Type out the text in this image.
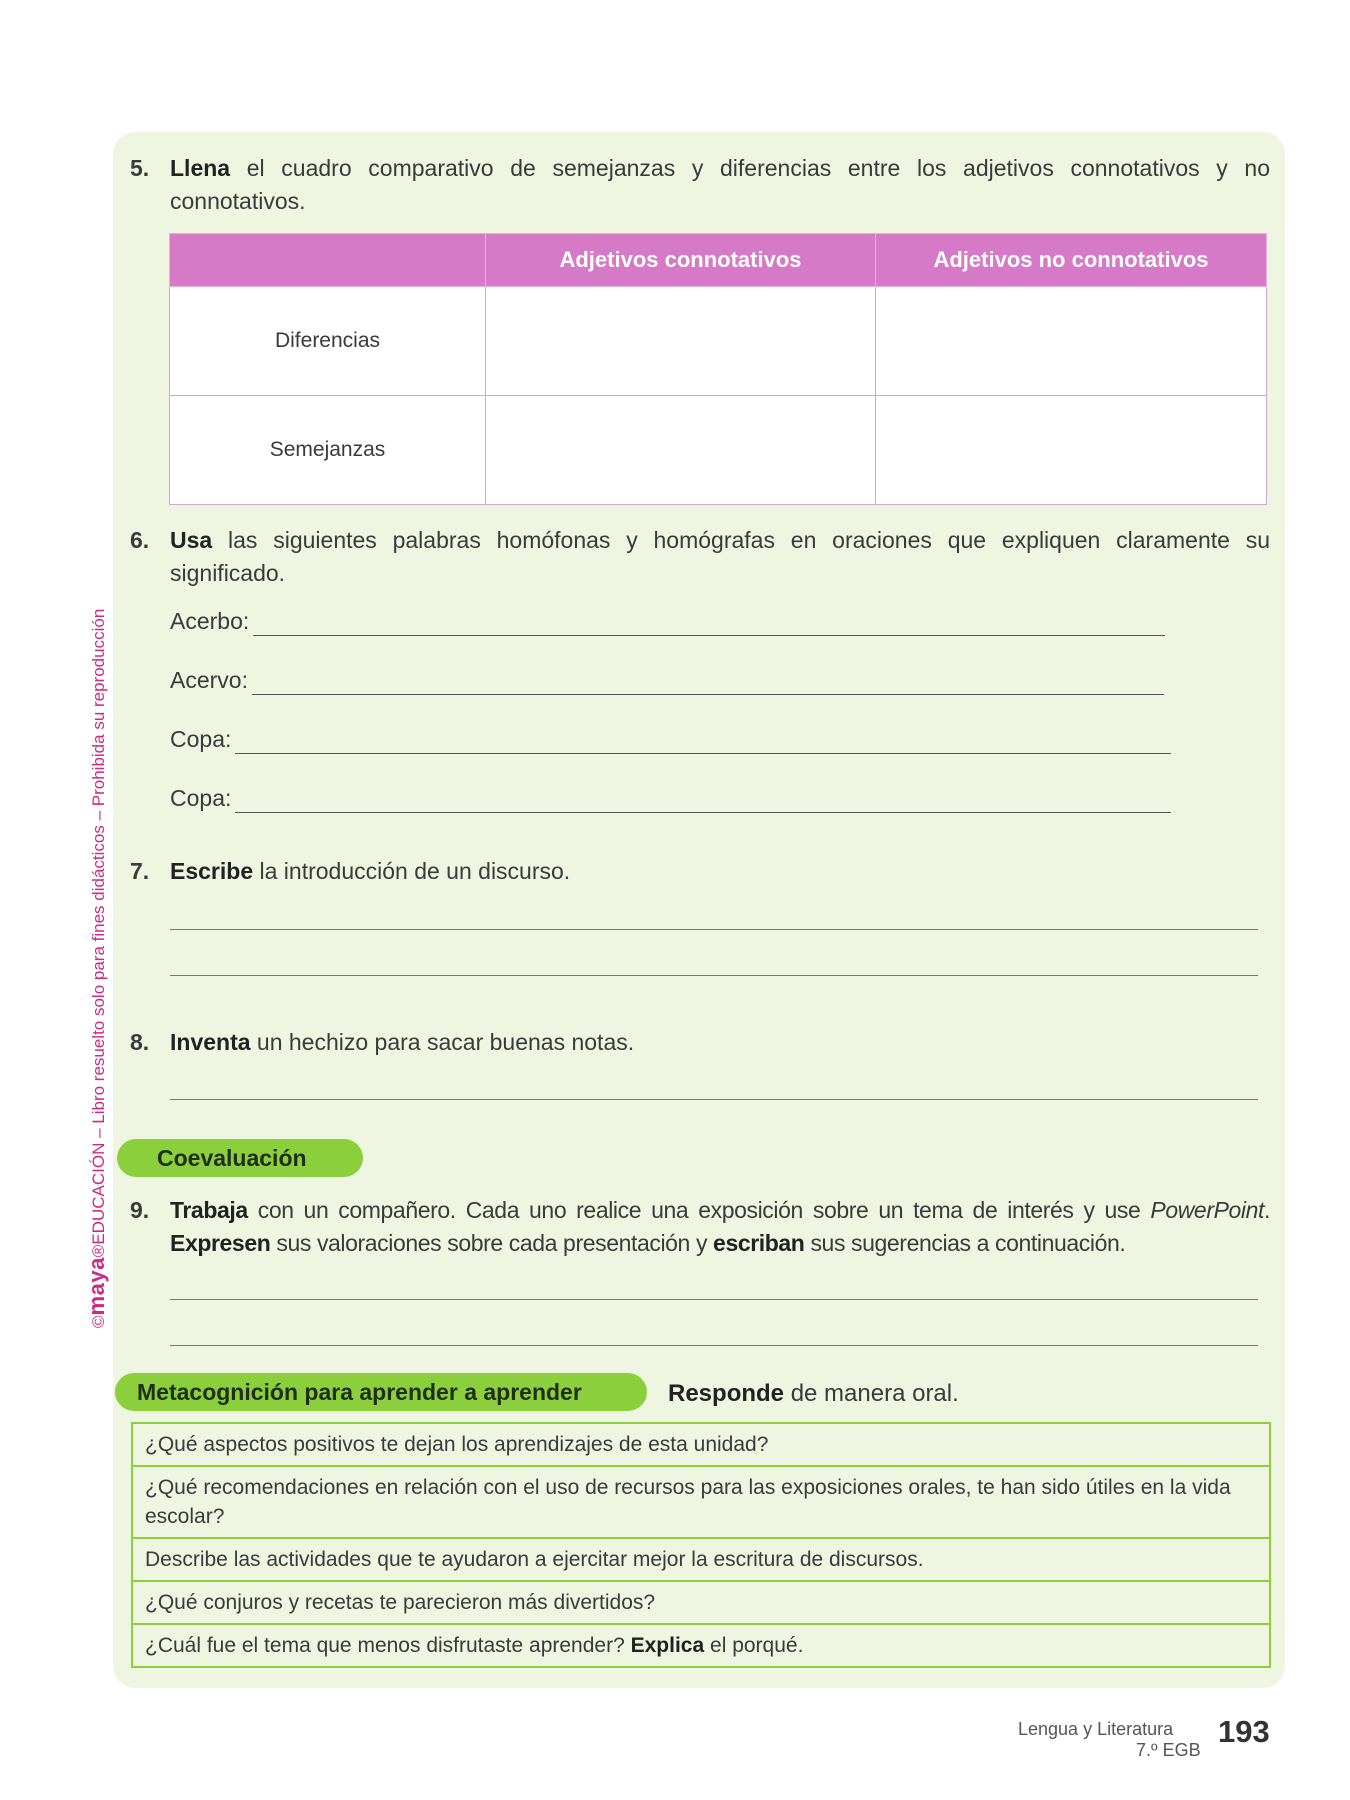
©maya®EDUCACIÓN – Libro resuelto solo para fines didácticos – Prohibida su reproducción
5. Llena el cuadro comparativo de semejanzas y diferencias entre los adjetivos connotativos y no connotativos.
	Adjetivos connotativos	Adjetivos no connotativos
Diferencias		
Semejanzas		
6. Usa las siguientes palabras homófonas y homógrafas en oraciones que expliquen claramente su significado.
Acerbo:
Acervo:
Copa:
Copa:
7. Escribe la introducción de un discurso.
8. Inventa un hechizo para sacar buenas notas.
Coevaluación
9. Trabaja con un compañero. Cada uno realice una exposición sobre un tema de interés y use PowerPoint. Expresen sus valoraciones sobre cada presentación y escriban sus sugerencias a continuación.
Metacognición para aprender a aprender	Responde de manera oral.
¿Qué aspectos positivos te dejan los aprendizajes de esta unidad?
¿Qué recomendaciones en relación con el uso de recursos para las exposiciones orales, te han sido útiles en la vida escolar?
Describe las actividades que te ayudaron a ejercitar mejor la escritura de discursos.
¿Qué conjuros y recetas te parecieron más divertidos?
¿Cuál fue el tema que menos disfrutaste aprender? Explica el porqué.
Lengua y Literatura
7.º EGB
193
